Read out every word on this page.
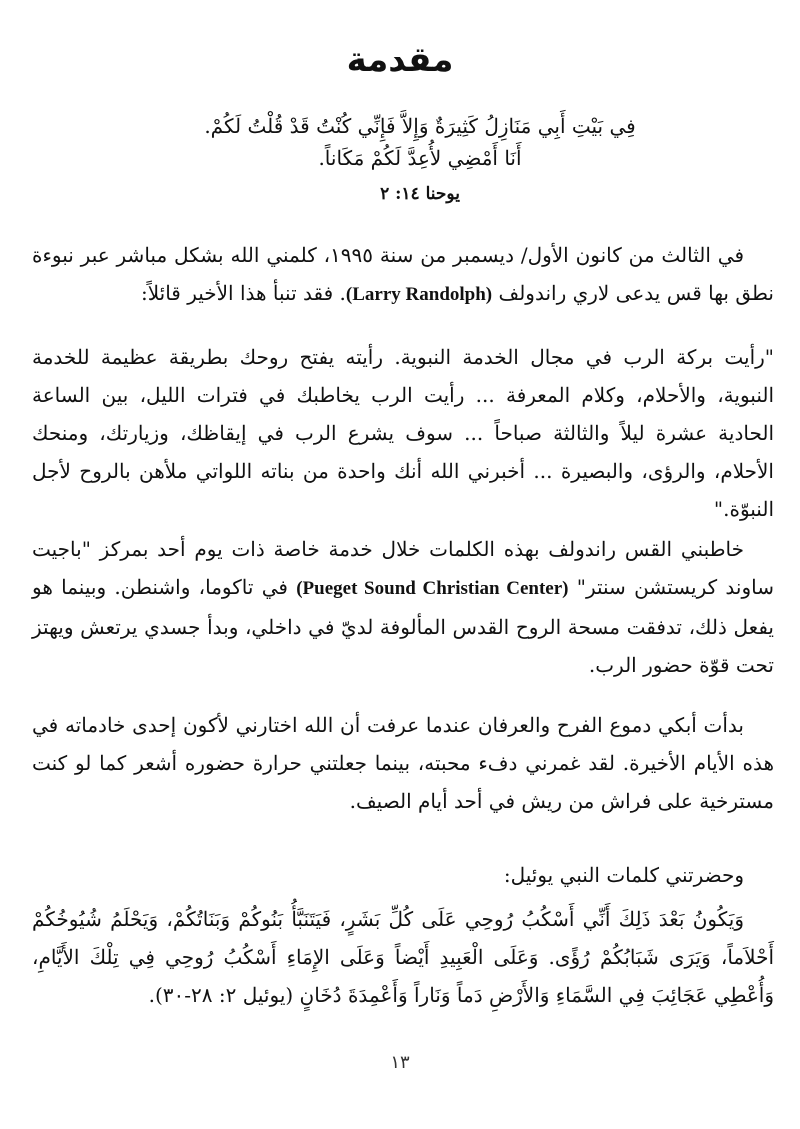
مقدمة
فِي بَيْتِ أَبِي مَنَازِلُ كَثِيرَةٌ وَإِلاَّ فَإِنِّي كُنْتُ قَدْ قُلْتُ لَكُمْ.
أَنَا أَمْضِي لأُعِدَّ لَكُمْ مَكَاناً.
يوحنا ١٤: ٢

في الثالث من كانون الأول/ ديسمبر من سنة ١٩٩٥، كلمني الله بشكل مباشر عبر نبوءة نطق بها قس يدعى لاري راندولف (Larry Randolph). فقد تنبأ هذا الأخير قائلاً:

"رأيت بركة الرب في مجال الخدمة النبوية. رأيته يفتح روحك بطريقة عظيمة للخدمة النبوية، والأحلام، وكلام المعرفة ... رأيت الرب يخاطبك في فترات الليل، بين الساعة الحادية عشرة ليلاً والثالثة صباحاً ... سوف يشرع الرب في إيقاظك، وزيارتك، ومنحك الأحلام، والرؤى، والبصيرة ... أخبرني الله أنك واحدة من بناته اللواتي ملأهن بالروح لأجل النبوّة."

خاطبني القس راندولف بهذه الكلمات خلال خدمة خاصة ذات يوم أحد بمركز "باجيت ساوند كريستشن سنتر" (Pueget Sound Christian Center) في تاكوما، واشنطن. وبينما هو يفعل ذلك، تدفقت مسحة الروح القدس المألوفة لديّ في داخلي، وبدأ جسدي يرتعش ويهتز تحت قوّة حضور الرب.

بدأت أبكي دموع الفرح والعرفان عندما عرفت أن الله اختارني لأكون إحدى خادماته في هذه الأيام الأخيرة. لقد غمرني دفء محبته، بينما جعلتني حرارة حضوره أشعر كما لو كنت مسترخية على فراش من ريش في أحد أيام الصيف.

وحضرتني كلمات النبي يوئيل:

وَيَكُونُ بَعْدَ ذَلِكَ أَنِّي أَسْكُبُ رُوحِي عَلَى كُلِّ بَشَرٍ، فَيَتَنَبَّأُ بَنُوكُمْ وَبَنَاتُكُمْ، وَيَحْلَمُ شُيُوخُكُمْ أَحْلاَماً، وَيَرَى شَبَابُكُمْ رُؤًى. وَعَلَى الْعَبِيدِ أَيْضاً وَعَلَى الإِمَاءِ أَسْكُبُ رُوحِي فِي تِلْكَ الأَيَّامِ، وَأُعْطِي عَجَائِبَ فِي السَّمَاءِ وَالأَرْضِ دَماً وَنَاراً وَأَعْمِدَةَ دُخَانٍ (يوئيل ٢: ٢٨-٣٠).

١٣
